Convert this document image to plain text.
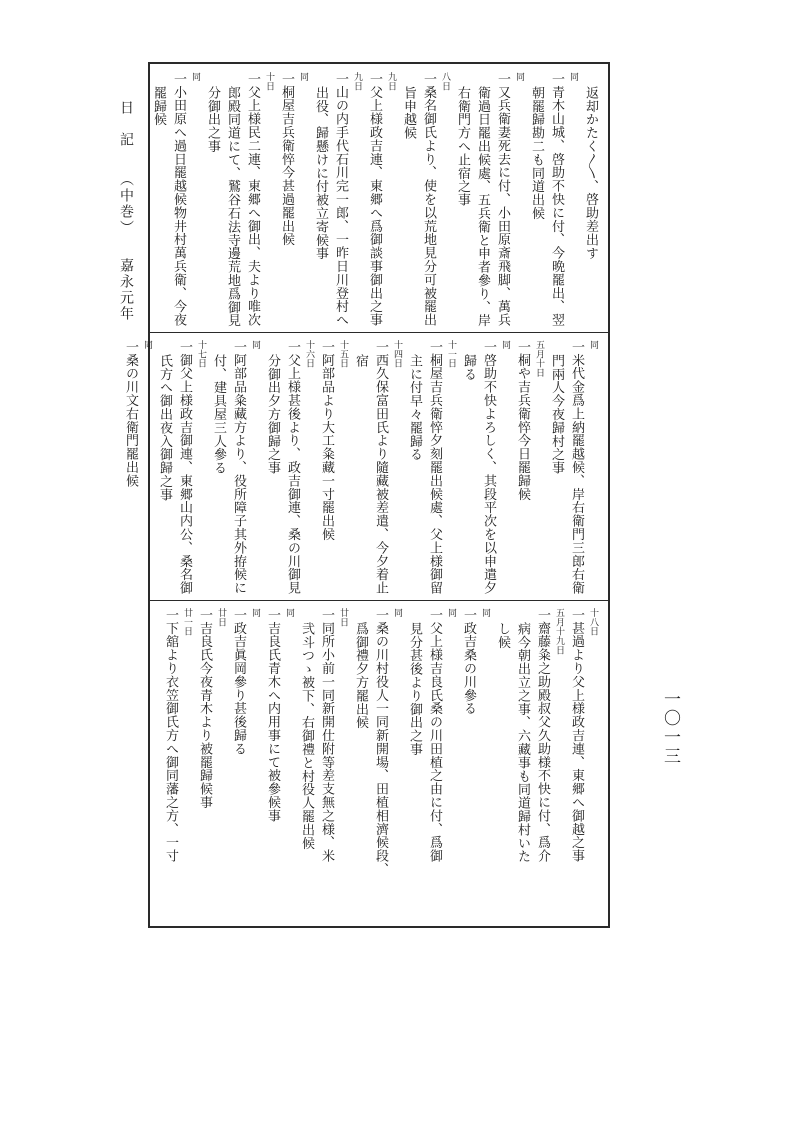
日　記
（中巻）
嘉永元年
返却かたく〱、啓助差出す
同
一青木山城、啓助不快に付、今晩罷出、翌
朝罷歸勘二も同道出候
同
一又兵衛妻死去に付、小田原斎飛脚、萬兵
衛過日罷出候處、五兵衛と申者參り、岸
右衛門方へ止宿之事
八日
一桑名御氏より、使を以荒地見分可被罷出
旨申越候
九日
一父上様政吉連、東郷へ爲御談事御出之事
九日
一山の内手代石川完一郎、一昨日川登村へ
出役、歸懸けに付被立寄候事
同
一桐屋吉兵衛悴今甚過罷出候
十日
一父上様民二連、東郷へ御出、夫より唯次
郎殿同道にて、鷲谷石法寺邊荒地爲御見
分御出之事
同
一小田原へ過日罷越候物井村萬兵衛、今夜
罷歸候
同
一米代金爲上納罷越候、岸右衛門三郎右衛
門兩人今夜歸村之事
五月十日
一桐や吉兵衛悴今日罷歸候
同
一啓助不快よろしく、其段平次を以申遣夕
歸る
十一日
一桐屋吉兵衛悴夕刻罷出候處、父上様御留
主に付早々罷歸る
十四日
一西久保富田氏より隨藏被差遣、今夕着止
宿
十五日
一阿部品より大工粂藏一寸罷出候
十六日
一父上様甚後より、政吉御連、桑の川御見
分御出夕方御歸之事
同
一阿部品粂藏方より、役所障子其外拵候に
付、建具屋三人參る
十七日
一御父上様政吉御連、東郷山内公、桑名御
氏方へ御出夜入御歸之事
同
一桑の川文右衛門罷出候
十八日
一甚過より父上様政吉連、東郷へ御越之事
五月十九日
一齋藤粂之助殿叔父久助様不快に付、爲介
病今朝出立之事、六藏事も同道歸村いた
し候
同
一政吉桑の川參る
同
一父上様吉良氏桑の川田植之由に付、爲御
見分甚後より御出之事
同
一桑の川村役人一同新開場、田植相濟候段、
爲御禮夕方罷出候
廿日
一同所小前一同新開仕附等差支無之様、米
弐斗つゝ被下、右御禮と村役人罷出候
同
一吉良氏青木へ内用事にて被參候事
同
一政吉眞岡參り甚後歸る
廿日
一吉良氏今夜青木より被罷歸候事
廿一日
一下舘より衣笠御氏方へ御同藩之方、一寸	一〇一三
